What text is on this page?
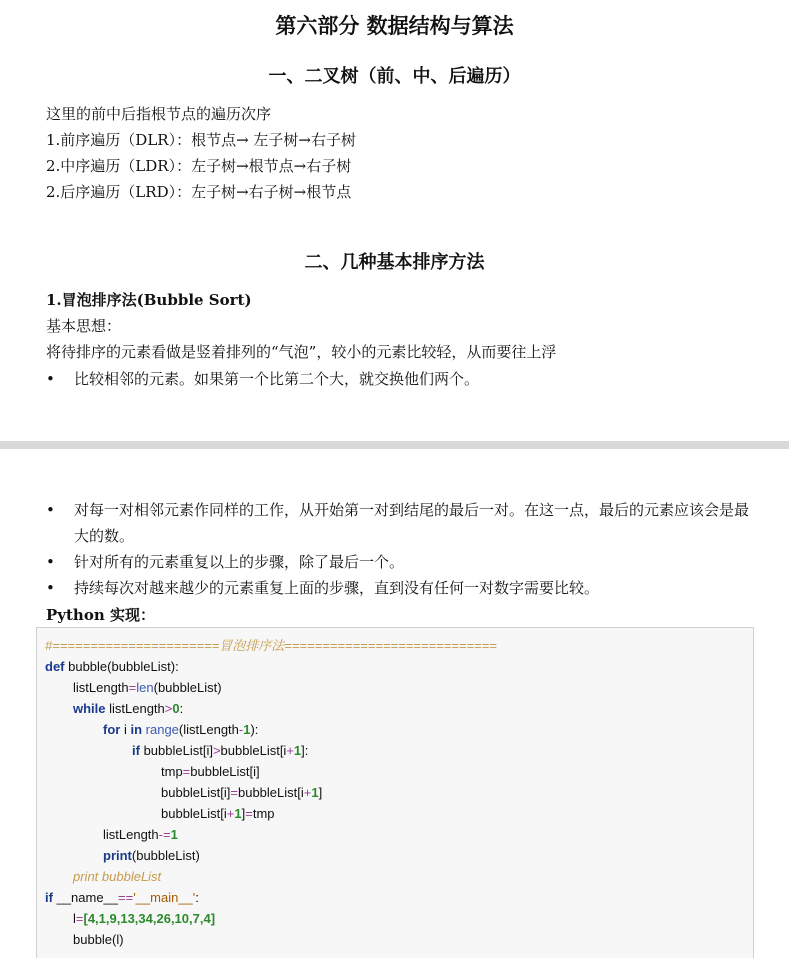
第六部分 数据结构与算法
一、二叉树（前、中、后遍历）
这里的前中后指根节点的遍历次序
1.前序遍历（DLR）：根节点→ 左子树→右子树
2.中序遍历（LDR）：左子树→根节点→右子树
2.后序遍历（LRD）：左子树→右子树→根节点
二、几种基本排序方法
1.冒泡排序法(Bubble Sort)
基本思想：
将待排序的元素看做是竖着排列的“气泡”，较小的元素比较轻，从而要往上浮
• 比较相邻的元素。如果第一个比第二个大，就交换他们两个。
• 对每一对相邻元素作同样的工作，从开始第一对到结尾的最后一对。在这一点，最后的元素应该会是最大的数。
• 针对所有的元素重复以上的步骤，除了最后一个。
• 持续每次对越来越少的元素重复上面的步骤，直到没有任何一对数字需要比较。
Python 实现：
#======================冒泡排序法============================
def bubble(bubbleList):
listLength=len(bubbleList)
while listLength>0:
for i in range(listLength-1):
if bubbleList[i]>bubbleList[i+1]:
tmp=bubbleList[i]
bubbleList[i]=bubbleList[i+1]
bubbleList[i+1]=tmp
listLength-=1
print(bubbleList)
print bubbleList
if __name__=='__main__':
l=[4,1,9,13,34,26,10,7,4]
bubble(l)
